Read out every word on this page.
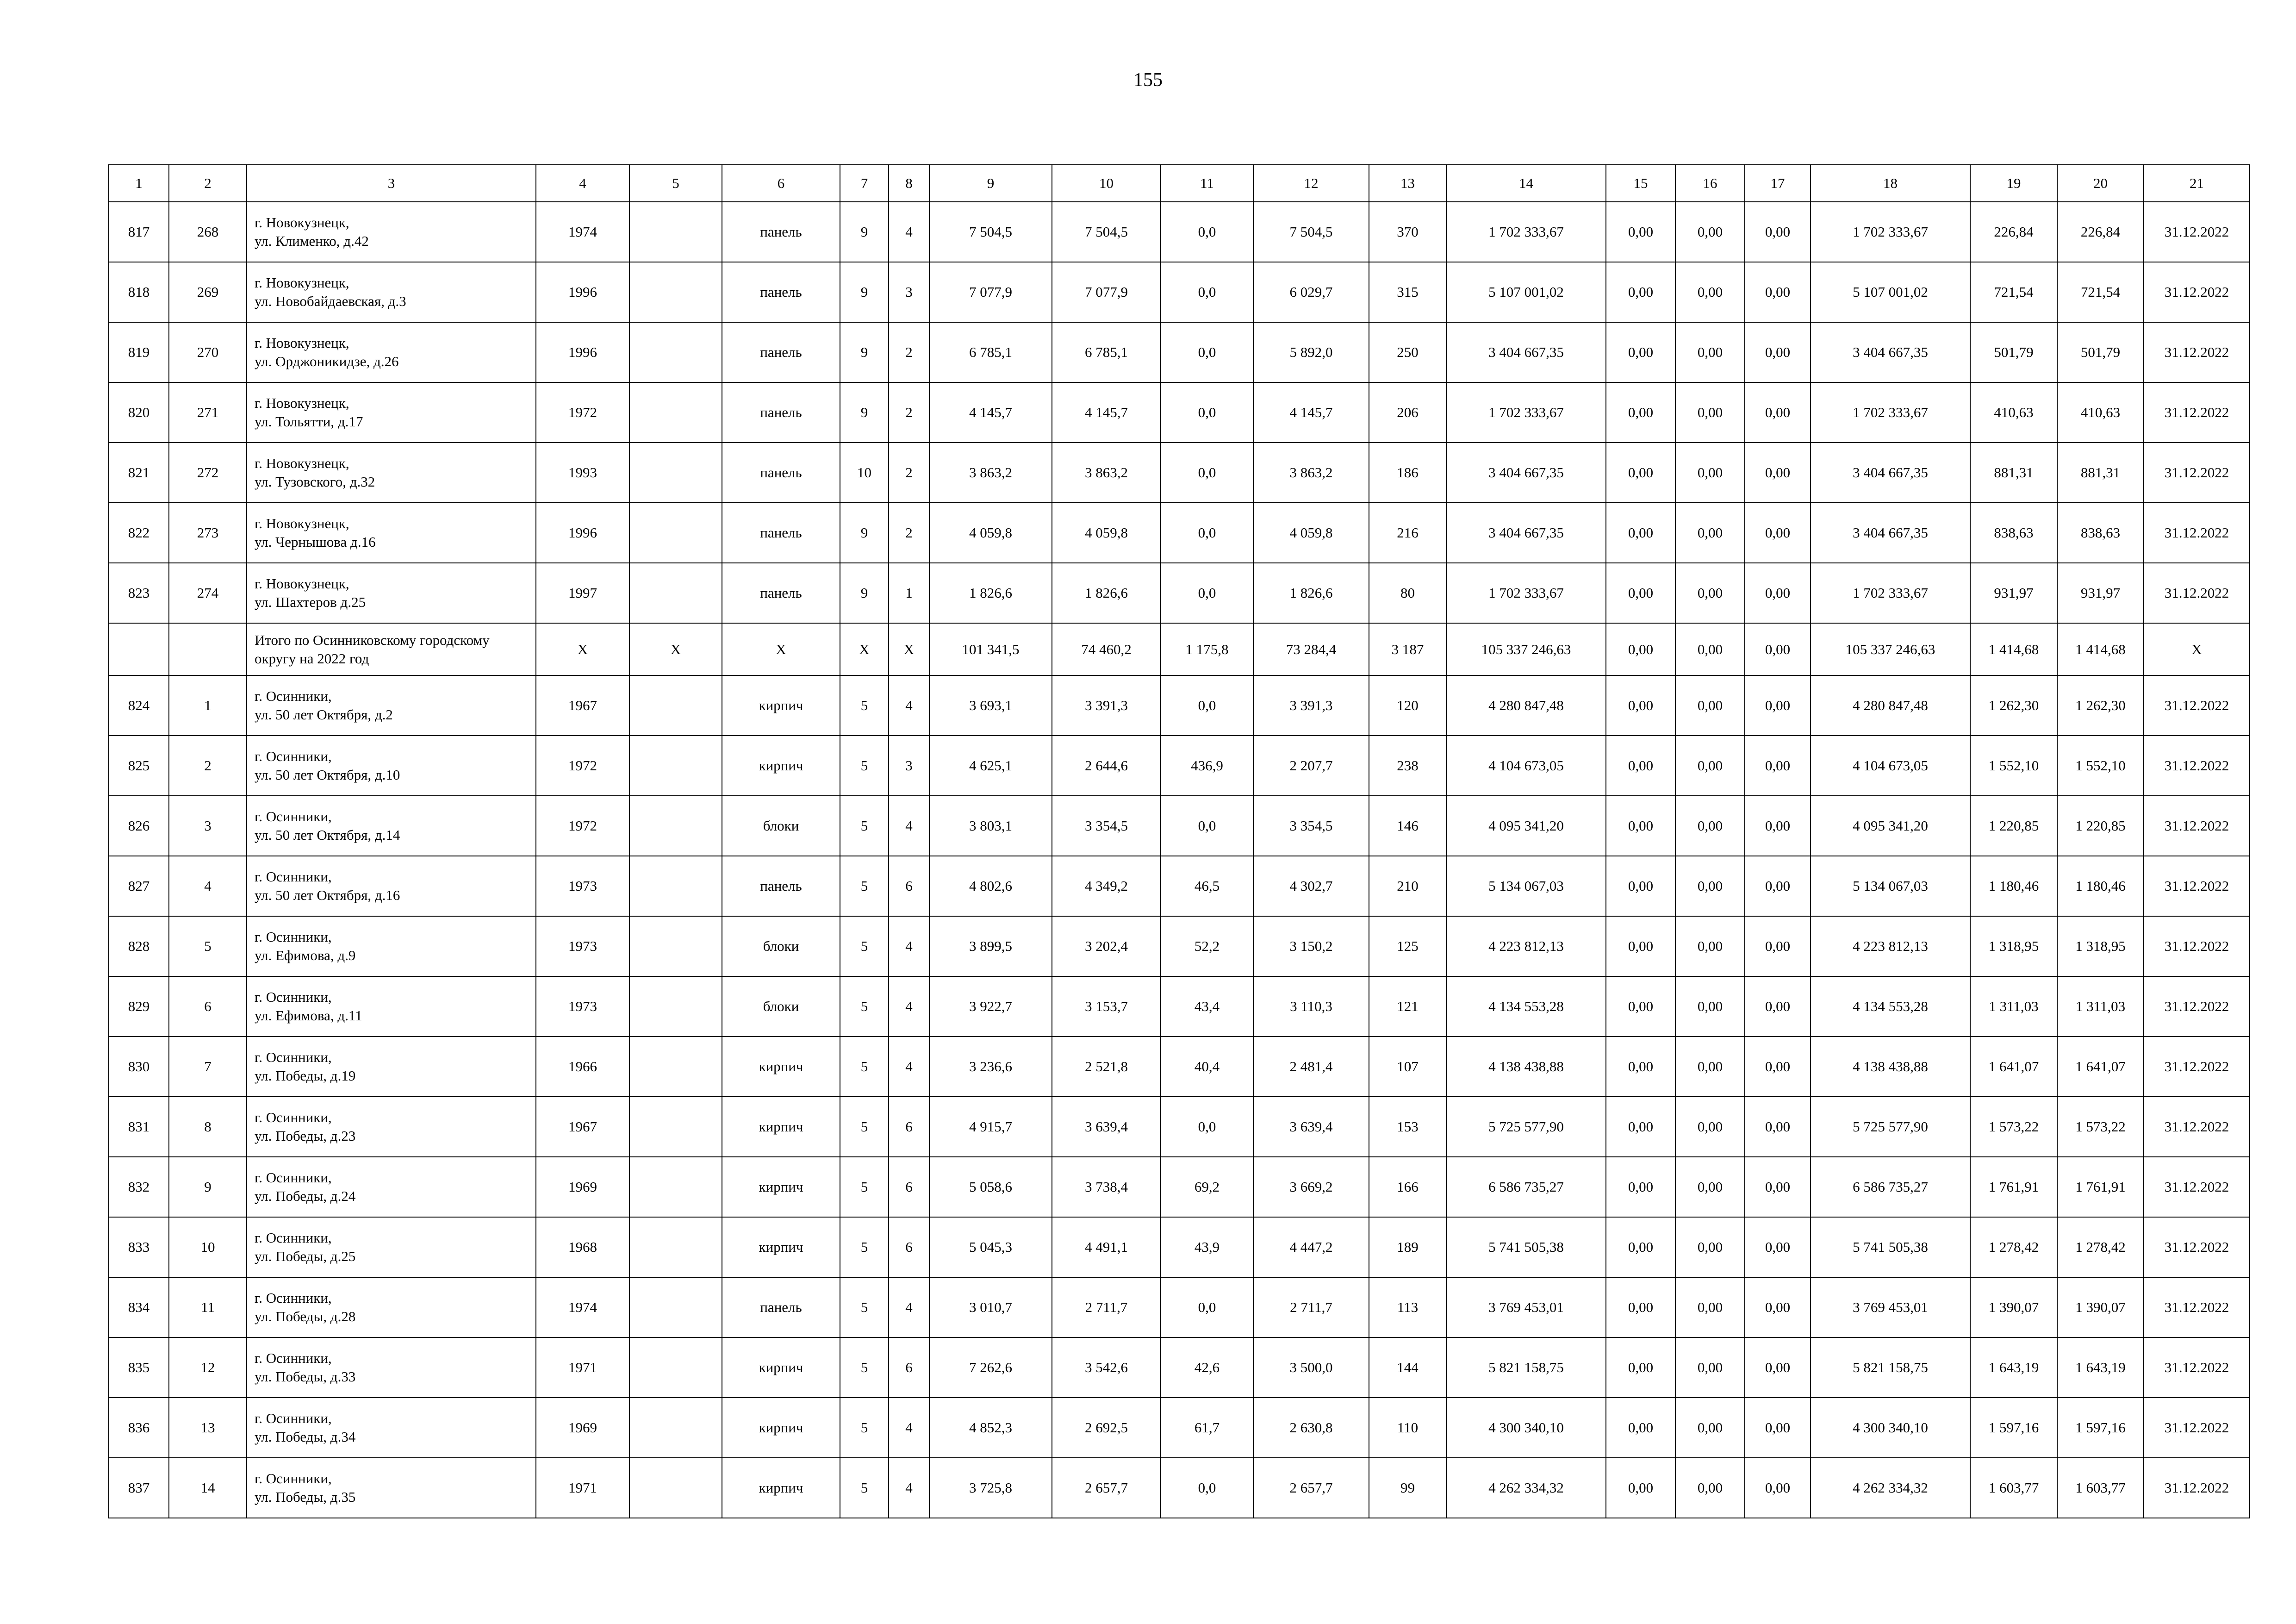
155
1	2	3	4	5	6	7	8	9	10	11	12	13	14	15	16	17	18	19	20	21
817	268	г. Новокузнецк,
ул. Клименко, д.42	1974		панель	9	4	7 504,5	7 504,5	0,0	7 504,5	370	1 702 333,67	0,00	0,00	0,00	1 702 333,67	226,84	226,84	31.12.2022
818	269	г. Новокузнецк,
ул. Новобайдаевская, д.3	1996		панель	9	3	7 077,9	7 077,9	0,0	6 029,7	315	5 107 001,02	0,00	0,00	0,00	5 107 001,02	721,54	721,54	31.12.2022
819	270	г. Новокузнецк,
ул. Орджоникидзе, д.26	1996		панель	9	2	6 785,1	6 785,1	0,0	5 892,0	250	3 404 667,35	0,00	0,00	0,00	3 404 667,35	501,79	501,79	31.12.2022
820	271	г. Новокузнецк,
ул. Тольятти, д.17	1972		панель	9	2	4 145,7	4 145,7	0,0	4 145,7	206	1 702 333,67	0,00	0,00	0,00	1 702 333,67	410,63	410,63	31.12.2022
821	272	г. Новокузнецк,
ул. Тузовского, д.32	1993		панель	10	2	3 863,2	3 863,2	0,0	3 863,2	186	3 404 667,35	0,00	0,00	0,00	3 404 667,35	881,31	881,31	31.12.2022
822	273	г. Новокузнецк,
ул. Чернышова д.16	1996		панель	9	2	4 059,8	4 059,8	0,0	4 059,8	216	3 404 667,35	0,00	0,00	0,00	3 404 667,35	838,63	838,63	31.12.2022
823	274	г. Новокузнецк,
ул. Шахтеров д.25	1997		панель	9	1	1 826,6	1 826,6	0,0	1 826,6	80	1 702 333,67	0,00	0,00	0,00	1 702 333,67	931,97	931,97	31.12.2022

		Итого по Осинниковскому городскому округу на 2022 год	X	X	X	X	X	101 341,5	74 460,2	1 175,8	73 284,4	3 187	105 337 246,63	0,00	0,00	0,00	105 337 246,63	1 414,68	1 414,68	X
824	1	г. Осинники,
ул. 50 лет Октября, д.2	1967		кирпич	5	4	3 693,1	3 391,3	0,0	3 391,3	120	4 280 847,48	0,00	0,00	0,00	4 280 847,48	1 262,30	1 262,30	31.12.2022
825	2	г. Осинники,
ул. 50 лет Октября, д.10	1972		кирпич	5	3	4 625,1	2 644,6	436,9	2 207,7	238	4 104 673,05	0,00	0,00	0,00	4 104 673,05	1 552,10	1 552,10	31.12.2022
826	3	г. Осинники,
ул. 50 лет Октября, д.14	1972		блоки	5	4	3 803,1	3 354,5	0,0	3 354,5	146	4 095 341,20	0,00	0,00	0,00	4 095 341,20	1 220,85	1 220,85	31.12.2022
827	4	г. Осинники,
ул. 50 лет Октября, д.16	1973		панель	5	6	4 802,6	4 349,2	46,5	4 302,7	210	5 134 067,03	0,00	0,00	0,00	5 134 067,03	1 180,46	1 180,46	31.12.2022
828	5	г. Осинники,
ул. Ефимова, д.9	1973		блоки	5	4	3 899,5	3 202,4	52,2	3 150,2	125	4 223 812,13	0,00	0,00	0,00	4 223 812,13	1 318,95	1 318,95	31.12.2022
829	6	г. Осинники,
ул. Ефимова, д.11	1973		блоки	5	4	3 922,7	3 153,7	43,4	3 110,3	121	4 134 553,28	0,00	0,00	0,00	4 134 553,28	1 311,03	1 311,03	31.12.2022
830	7	г. Осинники,
ул. Победы, д.19	1966		кирпич	5	4	3 236,6	2 521,8	40,4	2 481,4	107	4 138 438,88	0,00	0,00	0,00	4 138 438,88	1 641,07	1 641,07	31.12.2022
831	8	г. Осинники,
ул. Победы, д.23	1967		кирпич	5	6	4 915,7	3 639,4	0,0	3 639,4	153	5 725 577,90	0,00	0,00	0,00	5 725 577,90	1 573,22	1 573,22	31.12.2022
832	9	г. Осинники,
ул. Победы, д.24	1969		кирпич	5	6	5 058,6	3 738,4	69,2	3 669,2	166	6 586 735,27	0,00	0,00	0,00	6 586 735,27	1 761,91	1 761,91	31.12.2022
833	10	г. Осинники,
ул. Победы, д.25	1968		кирпич	5	6	5 045,3	4 491,1	43,9	4 447,2	189	5 741 505,38	0,00	0,00	0,00	5 741 505,38	1 278,42	1 278,42	31.12.2022
834	11	г. Осинники,
ул. Победы, д.28	1974		панель	5	4	3 010,7	2 711,7	0,0	2 711,7	113	3 769 453,01	0,00	0,00	0,00	3 769 453,01	1 390,07	1 390,07	31.12.2022
835	12	г. Осинники,
ул. Победы, д.33	1971		кирпич	5	6	7 262,6	3 542,6	42,6	3 500,0	144	5 821 158,75	0,00	0,00	0,00	5 821 158,75	1 643,19	1 643,19	31.12.2022
836	13	г. Осинники,
ул. Победы, д.34	1969		кирпич	5	4	4 852,3	2 692,5	61,7	2 630,8	110	4 300 340,10	0,00	0,00	0,00	4 300 340,10	1 597,16	1 597,16	31.12.2022
837	14	г. Осинники,
ул. Победы, д.35	1971		кирпич	5	4	3 725,8	2 657,7	0,0	2 657,7	99	4 262 334,32	0,00	0,00	0,00	4 262 334,32	1 603,77	1 603,77	31.12.2022
